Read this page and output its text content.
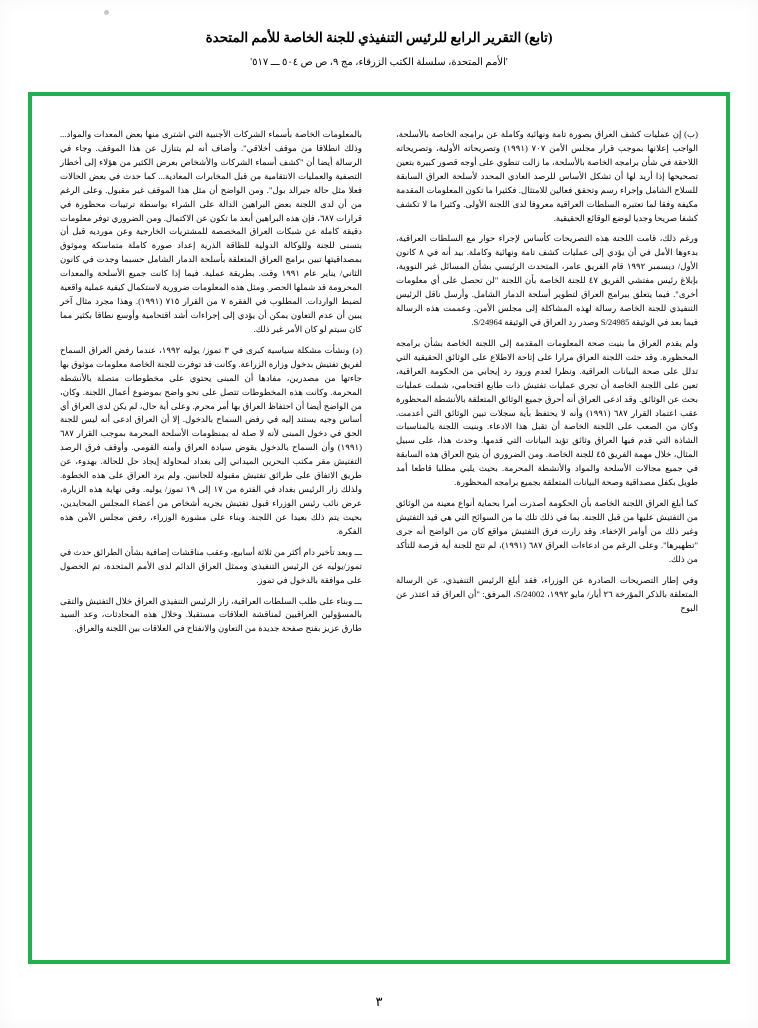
(تابع) التقرير الرابع للرئيس التنفيذي للجنة الخاصة للأمم المتحدة
'الأمم المتحدة، سلسلة الكتب الزرقاء، مج ٩، ص ص ٥٠٤ ـــ ٥١٧'

(ب) إن عمليات كشف العراق بصورة تامة ونهائية وكاملة عن برامجه الخاصة بالأسلحة، الواجب إعلانها بموجب قرار مجلس الأمن ٧٠٧ (١٩٩١) وتصريحاته الأولية، وتصريحاته اللاحقة في شأن برامجه الخاصة بالأسلحة، ما زالت تنطوي على أوجه قصور كبيرة بتعين تصحيحها إذا أريد لها أن تشكل الأساس للرصد العادي المحدد لأسلحة العراق السابقة للسلاح الشامل وإجراء رسم وتحقق فعالين للامتثال. فكثيرا ما تكون المعلومات المقدمة مكيفة وفقا لما تعتبره السلطات العراقية معروفا لدى اللجنة الأولى. وكثيرا ما لا تكشف كشفا صريحا وجديا لوضع الوقائع الحقيقية.

ورغم ذلك، قامت اللجنة هذه التصريحات كأساس لإجراء حوار مع السلطات العراقية، بدءوها الأمل في أن يؤدي إلى عمليات كشف تامة ونهائية وكاملة. بيد أنه في ٨ كانون الأول/ ديسمبر ١٩٩٢ قام الفريق عامر، المتحدث الرئيسي بشأن المسائل غير النووية، بإبلاغ رئيس مفتشي الفريق ٤٧ للجنة الخاصة بأن اللجنة "لن تحصل على أي معلومات أخرى". فيما يتعلق ببرامج العراق لتطوير أسلحة الدمار الشامل. وأرسل ناقل الرئيس التنفيذي للجنة الخاصة رسالة لهذه المشاكلة إلى مجلس الأمن. وعممت هذه الرسالة فيما بعد في الوثيقة S/24985 وصدر رد العراق في الوثيقة S/24964.

ولم يقدم العراق ما بنيت صحة المعلومات المقدمة إلى اللجنة الخاصة بشأن برامجه المحظورة. وقد حثت اللجنة العراق مرارا على إتاحة الاطلاع على الوثائق الحقيقية التي تدلل على صحة البيانات العراقية. ونظرا لعدم ورود رد إيجابي من الحكومة العراقية، تعين على اللجنة الخاصة أن تجري عمليات تفتيش ذات طابع اقتحامي، شملت عمليات بحث عن الوثائق. وقد ادعى العراق أنه أحرق جميع الوثائق المتعلقة بالأنشطة المحظورة عقب اعتماد القرار ٦٨٧ (١٩٩١) وأنه لا يحتفظ بأية سجلات تبين الوثائق التي أعدمت. وكان من الصعب على اللجنة الخاصة أن تقبل هذا الادعاء. وبنيت اللجنة بالمناسبات الشاذة التي قدم فيها العراق وثائق تؤيد البيانات التي قدمها. وحدث هذا، على سبيل المثال، خلال مهمة الفريق ٤٥ للجنة الخاصة. ومن الضروري أن يتيح العراق هذه السابقة في جميع مجالات الأسلحة والمواد والأنشطة المحرمة. بحيث يلبي مطلبا قاطعا أمد طويل بكفل مصداقية وصحة البيانات المتعلقة بجميع برامجه المحظورة.

كما أبلغ العراق اللجنة الخاصة بأن الحكومة أصدرت أمرا بحماية أنواع معينة من الوثائق من التفتيش عليها من قبل اللجنة. بما في ذلك تلك ما من السوائح التي هي قيد التفتيش وغير ذلك من أوامر الإخفاء. وقد زارت فرق التفتيش مواقع كان من الواضح أنه جرى "تطهيرها". وعلى الرغم من ادعاءات العراق ٦٨٧ (١٩٩١)، لم تتح للجنة أية فرصة للتأكد من ذلك.

وفي إطار التصريحات الصادرة عن الوزراء، فقد أبلغ الرئيس التنفيذي، عن الرسالة المتعلقة بالذكر المؤرخة ٢٦ أيار/ مايو ١٩٩٢، S/24002، المرفق: "أن العراق قد اعتذر عن البوح

بالمعلومات الخاصة بأسماء الشركات الأجنبية التي اشترى منها بعض المعدات والمواد... وذلك انطلاقا من موقف أخلاقي". وأضاف أنه لم يتنازل عن هذا الموقف. وجاء في الرسالة أيضا أن "كشف أسماء الشركات والأشخاص بعرض الكثير من هؤلاء إلى أخطار التصفية والعمليات الانتقامية من قبل المخابرات المعادية... كما حدث في بعض الحالات فعلا مثل حالة جيرالد بول". ومن الواضح أن مثل هذا الموقف غير مقبول. وعلى الرغم من أن لدى اللجنة بعض البراهين الدالة على الشراء بواسطة ترتيبات محظورة في قرارات ٦٨٧، فإن هذه البراهين أبعد ما تكون عن الاكتمال. ومن الضروري توفر معلومات دقيقة كاملة عن شبكات العراق المخصصة للمشتريات الخارجية وعن مورديه قبل أن بتسنى للجنة وللوكالة الدولية للطاقة الذرية إعداد صورة كاملة متماسكة وموثوق بمصداقيتها تبين برامج العراق المتعلقة بأسلحة الدمار الشامل حسبما وجدت في كانون الثاني/ يناير عام ١٩٩١ وقت. بطريقة عملية. فيما إذا كانت جميع الأسلحة والمعدات المحرومة قد شملها الحصر. ومثل هذه المعلومات ضرورية لاستكمال كيفية عملية واقعية لضبط الواردات. المطلوب في الفقرة ٧ من القرار ٧١٥ (١٩٩١). وهذا مجرد مثال آخر يبين أن عدم التعاون يمكن أن يؤدي إلى إجراءات أشد اقتحامية وأوسع نطاقا بكثير مما كان سيتم لو كان الأمر غير ذلك.

(د) ونشأت مشكلة سياسية كبرى في ٣ تموز/ يوليه ١٩٩٢، عندما رفض العراق السماح لفريق تفتيش بدخول وزارة الزراعة. وكانت قد توفرت للجنة الخاصة معلومات موثوق بها جاءتها من مصدرين، مفادها أن المبنى يحتوي على مخطوطات متصلة بالأنشطة المحرمة. وكانت هذه المخطوطات تتصل على نحو واضح بموضوع أعمال اللجنة. وكان، من الواضح أيضا أن احتفاظ العراق بها أمر محرم. وعلى أية حال، لم يكن لدى العراق أي أساس وجيه يستند إليه في رفض السماح بالدخول. إلا أن العراق ادعى أنه ليس للجنة الحق في دخول المبنى لأنه لا صلة له بمنظومات الأسلحة المحرمة بموجب القرار ٦٨٧ (١٩٩١) وأن السماح بالدخول يقوض سيادة العراق وأمنه القومي. وأوقف فرق الرصد التفتيش مقر مكتب البحرين الميداني إلى بغداد لمحاولة إيجاد حل للحالة. بهدوء، عن طريق الاتفاق على طرائق تفتيش مقبولة للجانبين. ولم يرد العراق على هذه الخطوة. ولذلك زار الرئيس بغداد في الفترة من ١٧ إلى ١٩ تموز/ يوليه. وفي نهاية هذه الزيارة، عرض نائب رئيس الوزراء قبول تفتيش يجريه أشخاص من أعضاء المجلس المحايدين، بحيث يتم ذلك بعيدا عن اللجنة. وبناء على مشورة الوزراء، رفض مجلس الأمن هذه الفكرة.

ـــ وبعد تأخير دام أكثر من ثلاثة أسابيع، وعقب مناقشات إضافية بشأن الطرائق حدث في تموز/يوليه عن الرئيس التنفيذي وممثل العراق الدائم لدى الأمم المتحدة، تم الحصول على موافقة بالدخول في تموز.

ـــ وبناء على طلب السلطات العراقية، زار الرئيس التنفيذي العراق خلال التفتيش والتقى بالمسؤولين العراقيين لمناقشة العلاقات مستقبلا. وخلال هذه المحادثات، وعد السيد طارق عزيز بفتح صفحة جديدة من التعاون والانفتاح في العلاقات بين اللجنة والعراق.

٣
